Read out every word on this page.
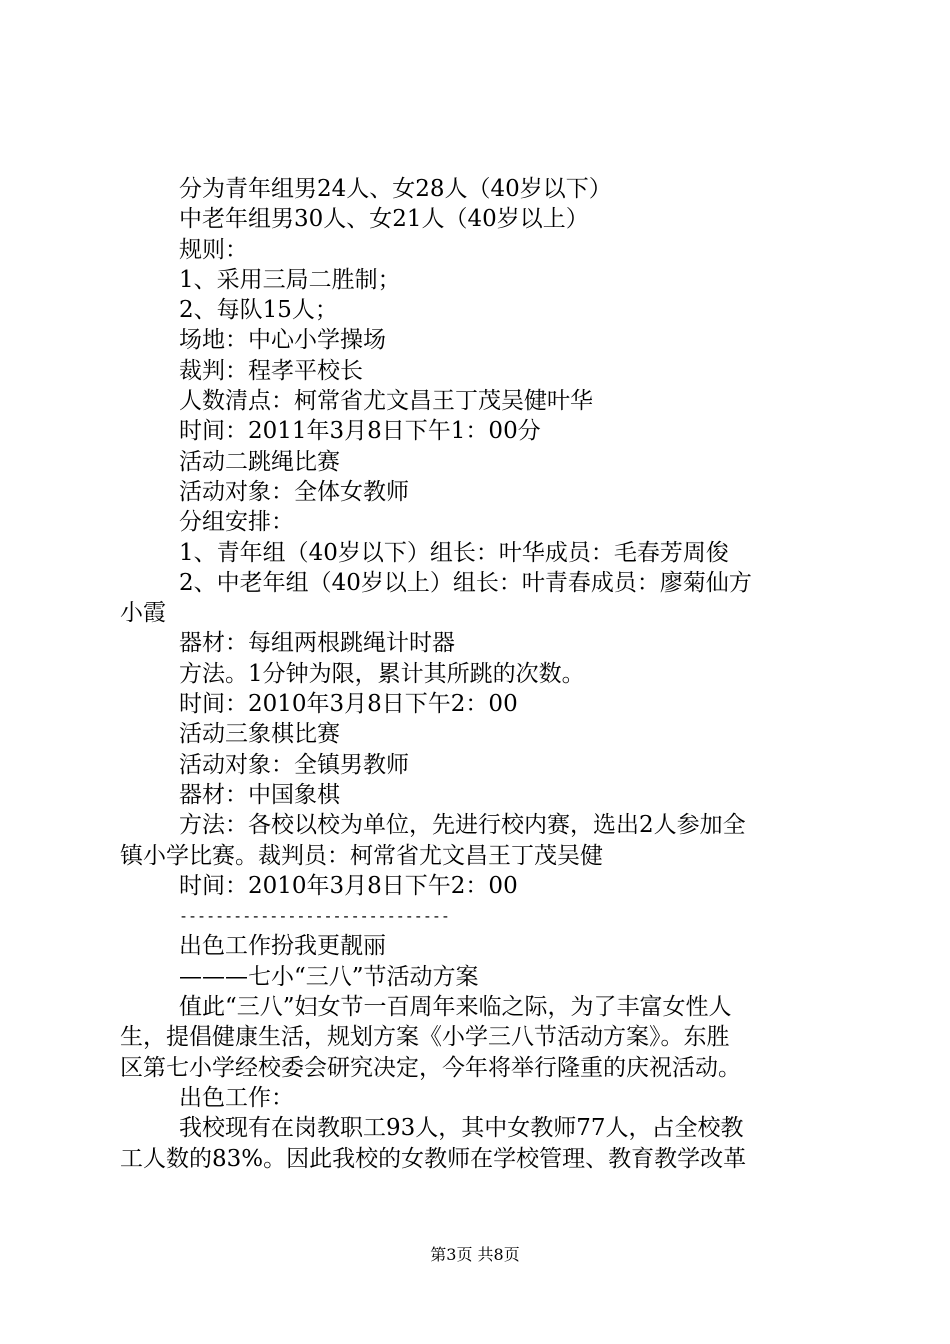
分为青年组男24人、女28人（40岁以下）
中老年组男30人、女21人（40岁以上）
规则：
1、采用三局二胜制；
2、每队15人；
场地：中心小学操场
裁判：程孝平校长
人数清点：柯常省尤文昌王丁茂吴健叶华
时间：2011年3月8日下午1：00分
活动二跳绳比赛
活动对象：全体女教师
分组安排：
1、青年组（40岁以下）组长：叶华成员：毛春芳周俊
2、中老年组（40岁以上）组长：叶青春成员：廖菊仙方
小霞
器材：每组两根跳绳计时器
方法。1分钟为限，累计其所跳的次数。
时间：2010年3月8日下午2：00
活动三象棋比赛
活动对象：全镇男教师
器材：中国象棋
方法：各校以校为单位，先进行校内赛，选出2人参加全
镇小学比赛。裁判员：柯常省尤文昌王丁茂吴健
时间：2010年3月8日下午2：00
------------------------------
出色工作扮我更靓丽
———七小“三八”节活动方案
值此“三八”妇女节一百周年来临之际，为了丰富女性人
生，提倡健康生活，规划方案《小学三八节活动方案》。东胜
区第七小学经校委会研究决定，今年将举行隆重的庆祝活动。
出色工作：
我校现有在岗教职工93人，其中女教师77人，占全校教
工人数的83%。因此我校的女教师在学校管理、教育教学改革
第3页 共8页
